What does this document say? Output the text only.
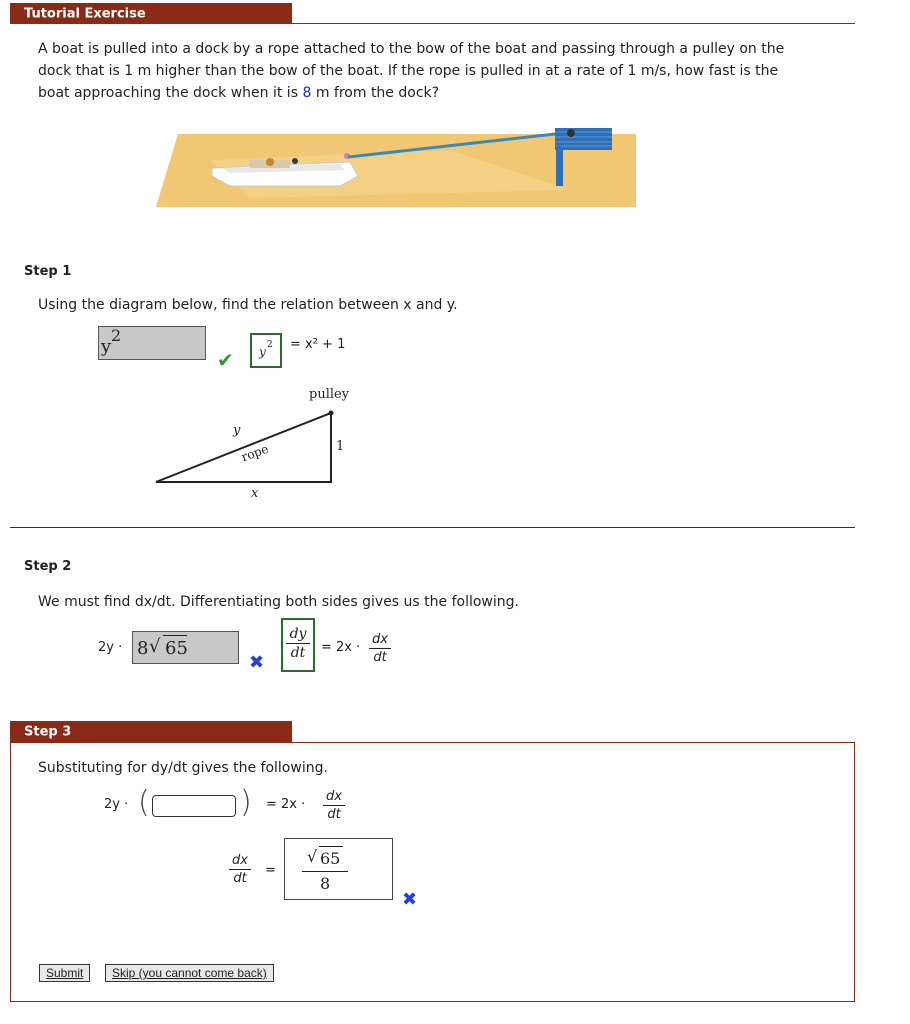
Tutorial Exercise
A boat is pulled into a dock by a rope attached to the bow of the boat and passing through a pulley on the
dock that is 1 m higher than the bow of the boat. If the rope is pulled in at a rate of 1 m/s, how fast is the
boat approaching the dock when it is 8 m from the dock?
Step 1
Using the diagram below, find the relation between x and y.
y
2
✔ y 2 = x² + 1
pulley
y
rope	1
x
Step 2
We must find dx/dt. Differentiating both sides gives us the following.
2y · 8 √ 65
✖
dy
dt	= 2x ·
dx
dt
Step 3
Substituting for dy/dt gives the following.
2y · (	) = 2x ·
dx
dt
dx
dt
=
√ 65
8
✖
Submit	Skip (you cannot come back)
